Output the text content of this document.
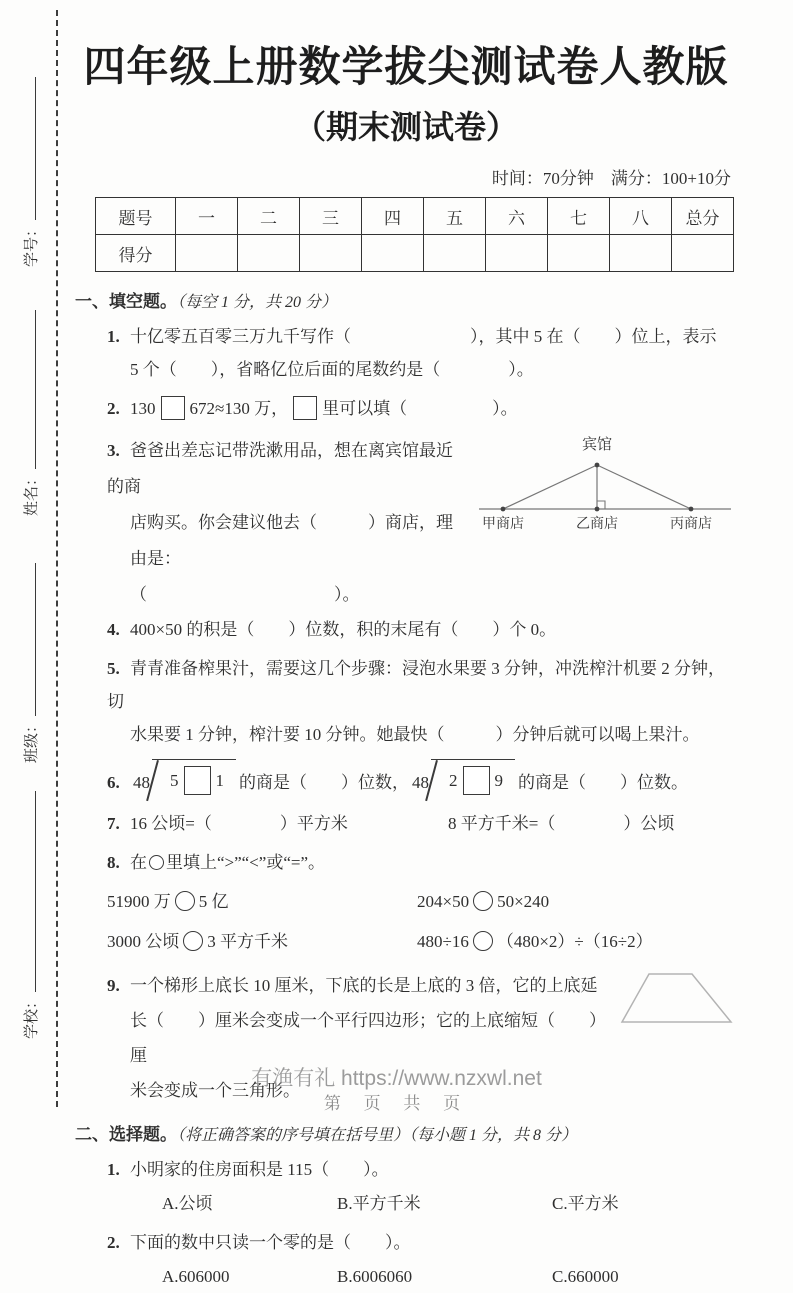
学号：
姓名：
班级：
学校：
四年级上册数学拔尖测试卷人教版
（期末测试卷）
时间：70分钟　满分：100+10分
题号	一	二	三	四	五	六	七	八	总分
得分									
一、填空题。（每空 1 分，共 20 分）
1. 十亿零五百零三万九千写作（　　　　　　　），其中 5 在（　　）位上，表示
5 个（　　），省略亿位后面的尾数约是（　　　　）。
2. 130 672≈130 万， 里可以填（　　　　　）。
3. 爸爸出差忘记带洗漱用品，想在离宾馆最近的商
店购买。你会建议他去（　　　）商店，理由是：
（　　　　　　　　　　　）。
宾馆
甲商店	乙商店	丙商店
4. 400×50 的积是（　　）位数，积的末尾有（　　）个 0。
5. 青青准备榨果汁，需要这几个步骤：浸泡水果要 3 分钟，冲洗榨汁机要 2 分钟，切
水果要 1 分钟，榨汁要 10 分钟。她最快（　　　）分钟后就可以喝上果汁。
6. 48 5 1 的商是（　　）位数， 48 2 9 的商是（　　）位数。
7. 16 公顷=（　　　　）平方米	8 平方千米=（　　　　）公顷
8. 在 里填上“>”“<”或“=”。
51900 万 5 亿	204×50 50×240
3000 公顷 3 平方千米	480÷16 （480×2）÷（16÷2）
9. 一个梯形上底长 10 厘米，下底的长是上底的 3 倍，它的上底延
长（　　）厘米会变成一个平行四边形；它的上底缩短（　　）厘
米会变成一个三角形。
二、选择题。（将正确答案的序号填在括号里）（每小题 1 分，共 8 分）
1. 小明家的住房面积是 115（　　）。
A.公顷	B.平方千米	C.平方米
2. 下面的数中只读一个零的是（　　）。
A.606000	B.6006060	C.660000
有渔有礼 https://www.nzxwl.net
第 页 共 页
